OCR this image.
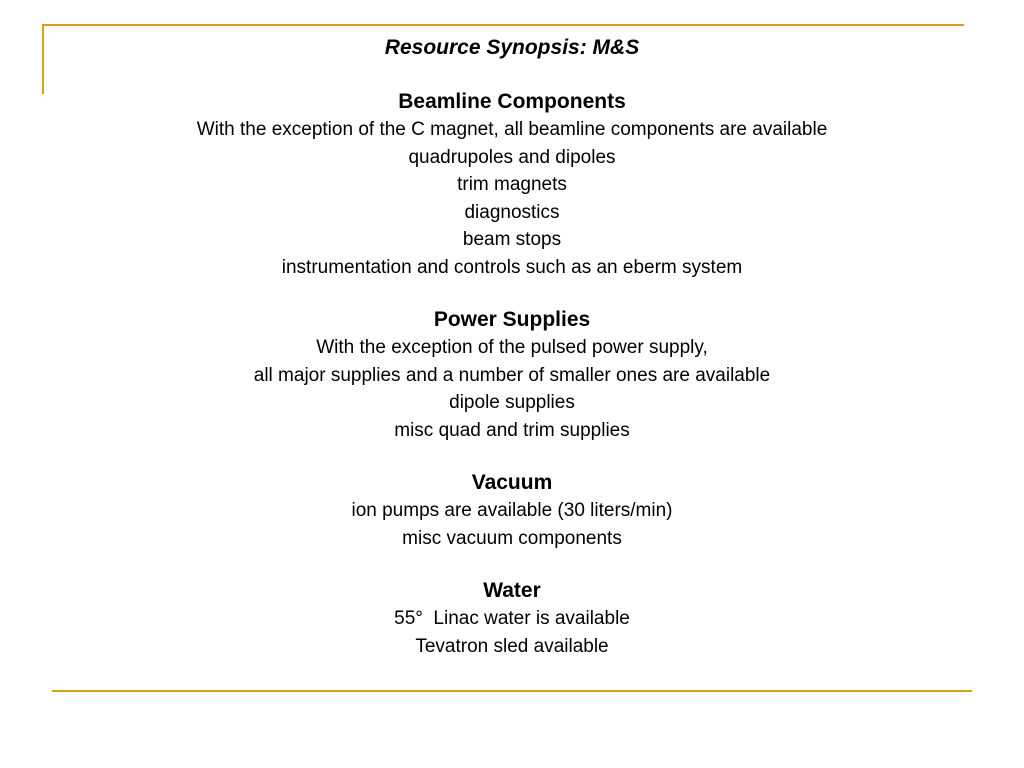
Resource Synopsis: M&S
Beamline Components
With the exception of the C magnet, all beamline components are available
quadrupoles and dipoles
trim magnets
diagnostics
beam stops
instrumentation and controls such as an eberm system
Power Supplies
With the exception of the pulsed power supply,
all major supplies and a number of smaller ones are available
dipole supplies
misc quad and trim supplies
Vacuum
ion pumps are available (30 liters/min)
misc vacuum components
Water
55°  Linac water is available
Tevatron sled available
